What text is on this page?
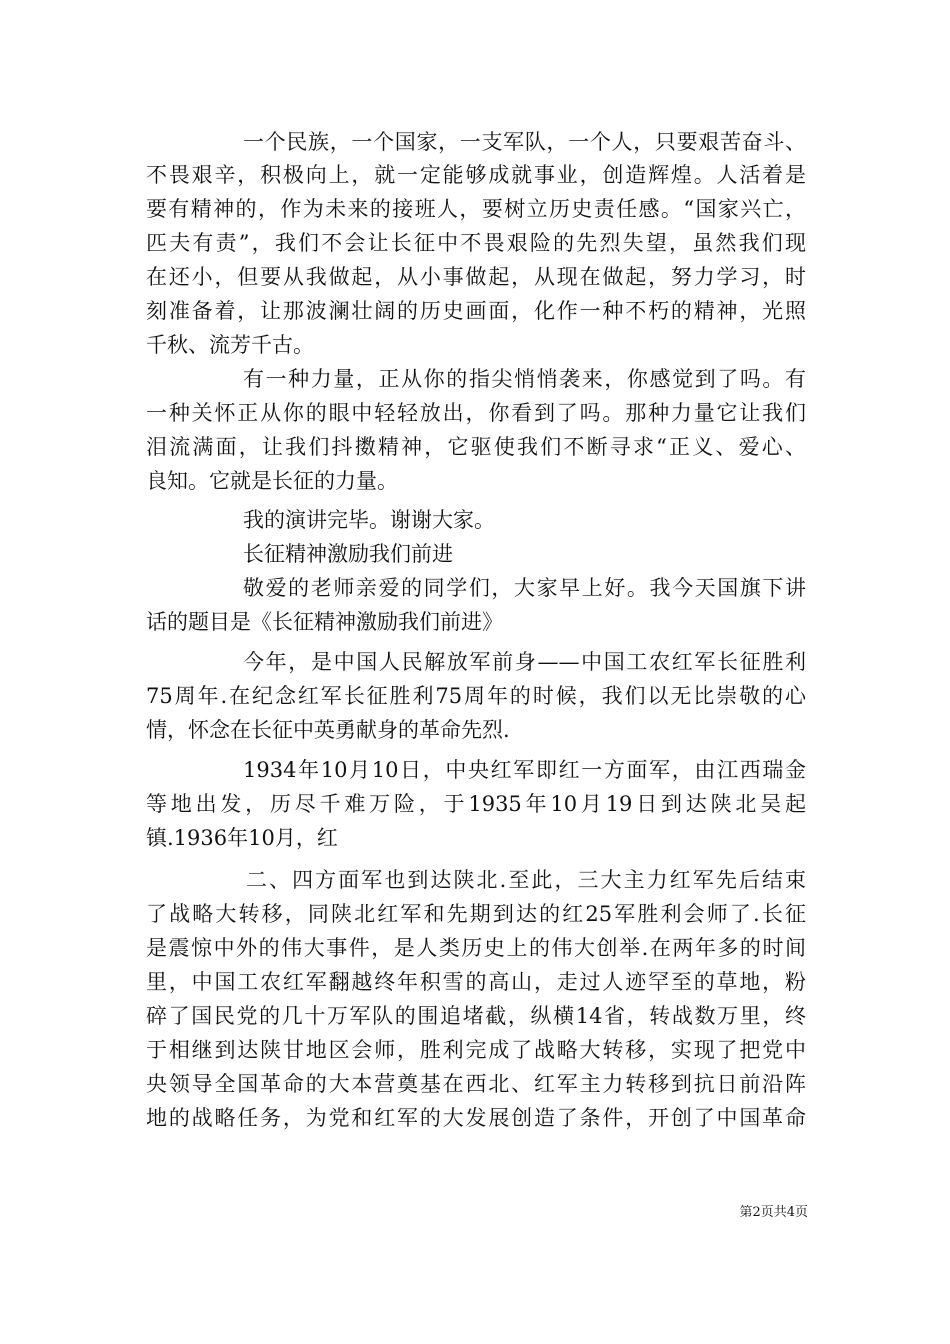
一个民族，一个国家，一支军队，一个人，只要艰苦奋斗、
不畏艰辛，积极向上，就一定能够成就事业，创造辉煌。人活着是
要有精神的，作为未来的接班人，要树立历史责任感。“国家兴亡，
匹夫有责”，我们不会让长征中不畏艰险的先烈失望，虽然我们现
在还小，但要从我做起，从小事做起，从现在做起，努力学习，时
刻准备着，让那波澜壮阔的历史画面，化作一种不朽的精神，光照
千秋、流芳千古。
有一种力量，正从你的指尖悄悄袭来，你感觉到了吗。有
一种关怀正从你的眼中轻轻放出，你看到了吗。那种力量它让我们
泪流满面，让我们抖擞精神，它驱使我们不断寻求“正义、爱心、
良知。它就是长征的力量。
我的演讲完毕。谢谢大家。
长征精神激励我们前进
敬爱的老师亲爱的同学们，大家早上好。我今天国旗下讲
话的题目是《长征精神激励我们前进》
今年，是中国人民解放军前身——中国工农红军长征胜利
75周年.在纪念红军长征胜利75周年的时候，我们以无比崇敬的心
情，怀念在长征中英勇献身的革命先烈.
1934年10月10日，中央红军即红一方面军，由江西瑞金
等地出发，历尽千难万险，于1935年10月19日到达陕北吴起
镇.1936年10月，红
二、四方面军也到达陕北.至此，三大主力红军先后结束
了战略大转移，同陕北红军和先期到达的红25军胜利会师了.长征
是震惊中外的伟大事件，是人类历史上的伟大创举.在两年多的时间
里，中国工农红军翻越终年积雪的高山，走过人迹罕至的草地，粉
碎了国民党的几十万军队的围追堵截，纵横14省，转战数万里，终
于相继到达陕甘地区会师，胜利完成了战略大转移，实现了把党中
央领导全国革命的大本营奠基在西北、红军主力转移到抗日前沿阵
地的战略任务，为党和红军的大发展创造了条件，开创了中国革命
第2页共4页
